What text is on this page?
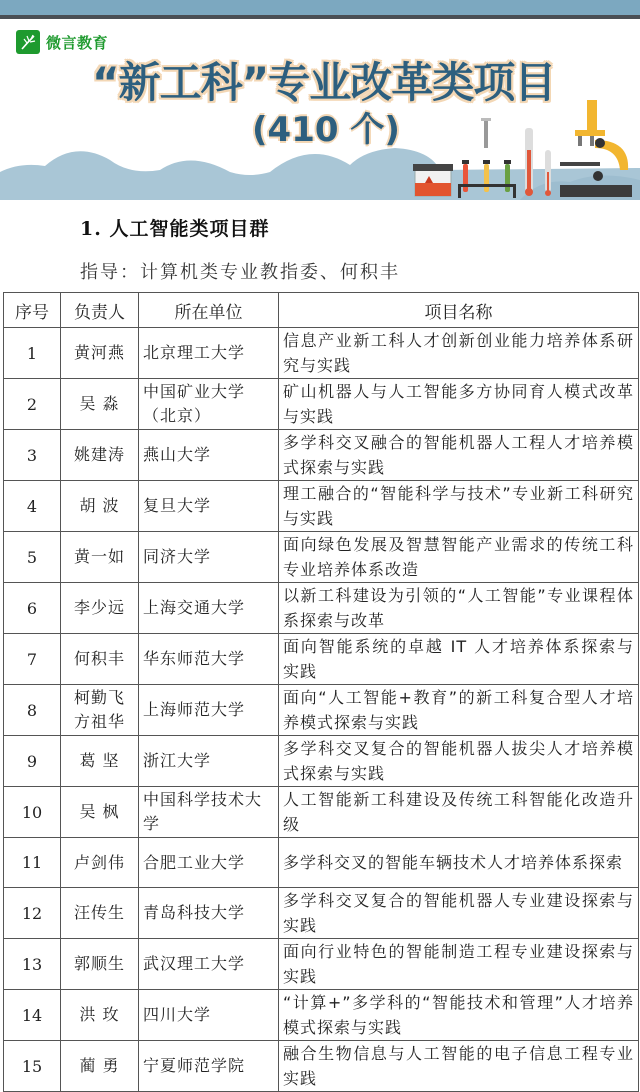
微言教育
“新工科”专业改革类项目
(410 个)
1. 人工智能类项目群
指导：计算机类专业教指委、何积丰
序号	负责人	所在单位	项目名称
1	黄河燕	北京理工大学	信息产业新工科人才创新创业能力培养体系研究与实践
2	吴 淼	中国矿业大学（北京）	矿山机器人与人工智能多方协同育人模式改革与实践
3	姚建涛	燕山大学	多学科交叉融合的智能机器人工程人才培养模式探索与实践
4	胡 波	复旦大学	理工融合的“智能科学与技术”专业新工科研究与实践
5	黄一如	同济大学	面向绿色发展及智慧智能产业需求的传统工科专业培养体系改造
6	李少远	上海交通大学	以新工科建设为引领的“人工智能”专业课程体系探索与改革
7	何积丰	华东师范大学	面向智能系统的卓越 IT 人才培养体系探索与实践
8	柯勤飞 方祖华	上海师范大学	面向“人工智能+教育”的新工科复合型人才培养模式探索与实践
9	葛 坚	浙江大学	多学科交叉复合的智能机器人拔尖人才培养模式探索与实践
10	吴 枫	中国科学技术大学	人工智能新工科建设及传统工科智能化改造升级
11	卢剑伟	合肥工业大学	多学科交叉的智能车辆技术人才培养体系探索
12	汪传生	青岛科技大学	多学科交叉复合的智能机器人专业建设探索与实践
13	郭顺生	武汉理工大学	面向行业特色的智能制造工程专业建设探索与实践
14	洪 玫	四川大学	“计算+”多学科的“智能技术和管理”人才培养模式探索与实践
15	蔺 勇	宁夏师范学院	融合生物信息与人工智能的电子信息工程专业实践
